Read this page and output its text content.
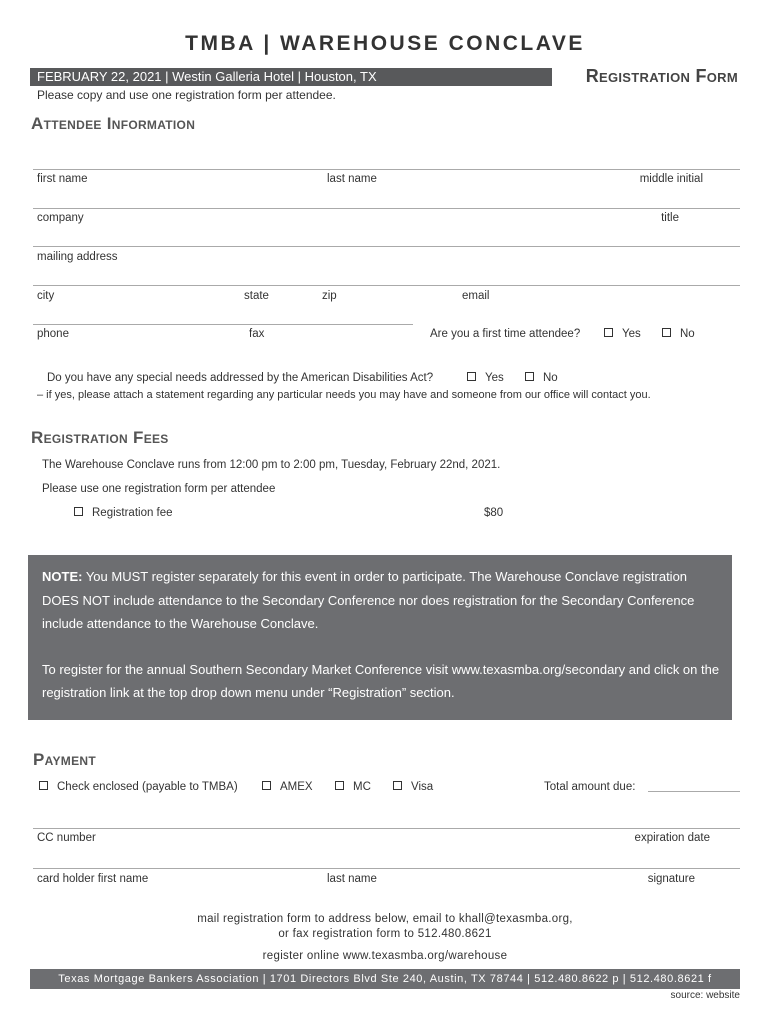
TMBA | WAREHOUSE CONCLAVE
FEBRUARY 22, 2021 | Westin Galleria Hotel | Houston, TX	Registration Form
Please copy and use one registration form per attendee.
Attendee Information
first name	last name	middle initial
company	title
mailing address
city	state	zip	email
phone	fax	Are you a first time attendee?	Yes	No
Do you have any special needs addressed by the American Disabilities Act?	Yes	No
– if yes, please attach a statement regarding any particular needs you may have and someone from our office will contact you.
Registration Fees
The Warehouse Conclave runs from 12:00 pm to 2:00 pm, Tuesday, February 22nd, 2021.
Please use one registration form per attendee
Registration fee	$80

NOTE: You MUST register separately for this event in order to participate. The Warehouse Conclave registration DOES NOT include attendance to the Secondary Conference nor does registration for the Secondary Conference include attendance to the Warehouse Conclave.

To register for the annual Southern Secondary Market Conference visit www.texasmba.org/secondary and click on the registration link at the top drop down menu under “Registration” section.

Payment
Check enclosed (payable to TMBA)	AMEX	MC	Visa	Total amount due:
CC number	expiration date
card holder first name	last name	signature
mail registration form to address below, email to khall@texasmba.org,
or fax registration form to 512.480.8621
register online www.texasmba.org/warehouse
Texas Mortgage Bankers Association | 1701 Directors Blvd Ste 240, Austin, TX 78744 | 512.480.8622 p | 512.480.8621 f
source: website
